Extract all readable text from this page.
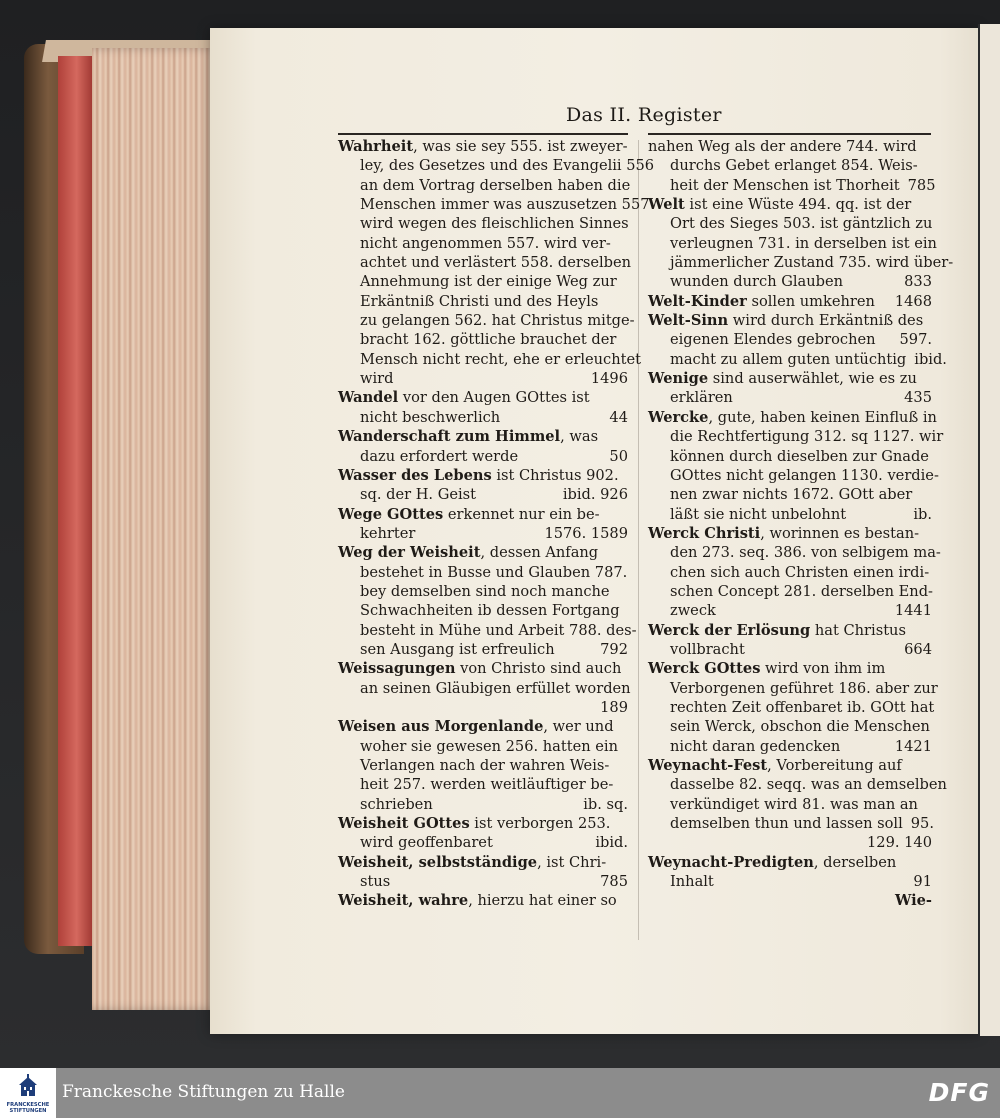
Das II. Register
Wahrheit, was sie sey 555. ist zweyer-
ley, des Gesetzes und des Evangelii 556
an dem Vortrag derselben haben die
Menschen immer was auszusetzen 557
wird wegen des fleischlichen Sinnes
nicht angenommen 557. wird ver-
achtet und verlästert 558. derselben
Annehmung ist der einige Weg zur
Erkäntniß Christi und des Heyls
zu gelangen 562. hat Christus mitge-
bracht 162. göttliche brauchet der
Mensch nicht recht, ehe er erleuchtet
wird	1496
Wandel vor den Augen GOttes ist
nicht beschwerlich	44
Wanderschaft zum Himmel, was
dazu erfordert werde	50
Wasser des Lebens ist Christus 902.
sq. der H. Geist	ibid. 926
Wege GOttes erkennet nur ein be-
kehrter	1576. 1589
Weg der Weisheit, dessen Anfang
bestehet in Busse und Glauben 787.
bey demselben sind noch manche
Schwachheiten ib dessen Fortgang
besteht in Mühe und Arbeit 788. des-
sen Ausgang ist erfreulich	792
Weissagungen von Christo sind auch
an seinen Gläubigen erfüllet worden
189
Weisen aus Morgenlande, wer und
woher sie gewesen 256. hatten ein
Verlangen nach der wahren Weis-
heit 257. werden weitläuftiger be-
schrieben	ib. sq.
Weisheit GOttes ist verborgen 253.
wird geoffenbaret	ibid.
Weisheit, selbstständige, ist Chri-
stus	785
Weisheit, wahre, hierzu hat einer so
nahen Weg als der andere 744. wird
durchs Gebet erlanget 854. Weis-
heit der Menschen ist Thorheit 785
Welt ist eine Wüste 494. qq. ist der
Ort des Sieges 503. ist gäntzlich zu
verleugnen 731. in derselben ist ein
jämmerlicher Zustand 735. wird über-
wunden durch Glauben	833
Welt-Kinder sollen umkehren	1468
Welt-Sinn wird durch Erkäntniß des
eigenen Elendes gebrochen	597.
macht zu allem guten untüchtig ibid.
Wenige sind auserwählet, wie es zu
erklären	435
Wercke, gute, haben keinen Einfluß in
die Rechtfertigung 312. sq 1127. wir
können durch dieselben zur Gnade
GOttes nicht gelangen 1130. verdie-
nen zwar nichts 1672. GOtt aber
läßt sie nicht unbelohnt	ib.
Werck Christi, worinnen es bestan-
den 273. seq. 386. von selbigem ma-
chen sich auch Christen einen irdi-
schen Concept 281. derselben End-
zweck	1441
Werck der Erlösung hat Christus
vollbracht	664
Werck GOttes wird von ihm im
Verborgenen geführet 186. aber zur
rechten Zeit offenbaret ib. GOtt hat
sein Werck, obschon die Menschen
nicht daran gedencken	1421
Weynacht-Fest, Vorbereitung auf
dasselbe 82. seqq. was an demselben
verkündiget wird 81. was man an
demselben thun und lassen soll 95.
129. 140
Weynacht-Predigten, derselben
Inhalt	91
Wie-
FRANCKESCHE STIFTUNGEN
Franckesche Stiftungen zu Halle	DFG
